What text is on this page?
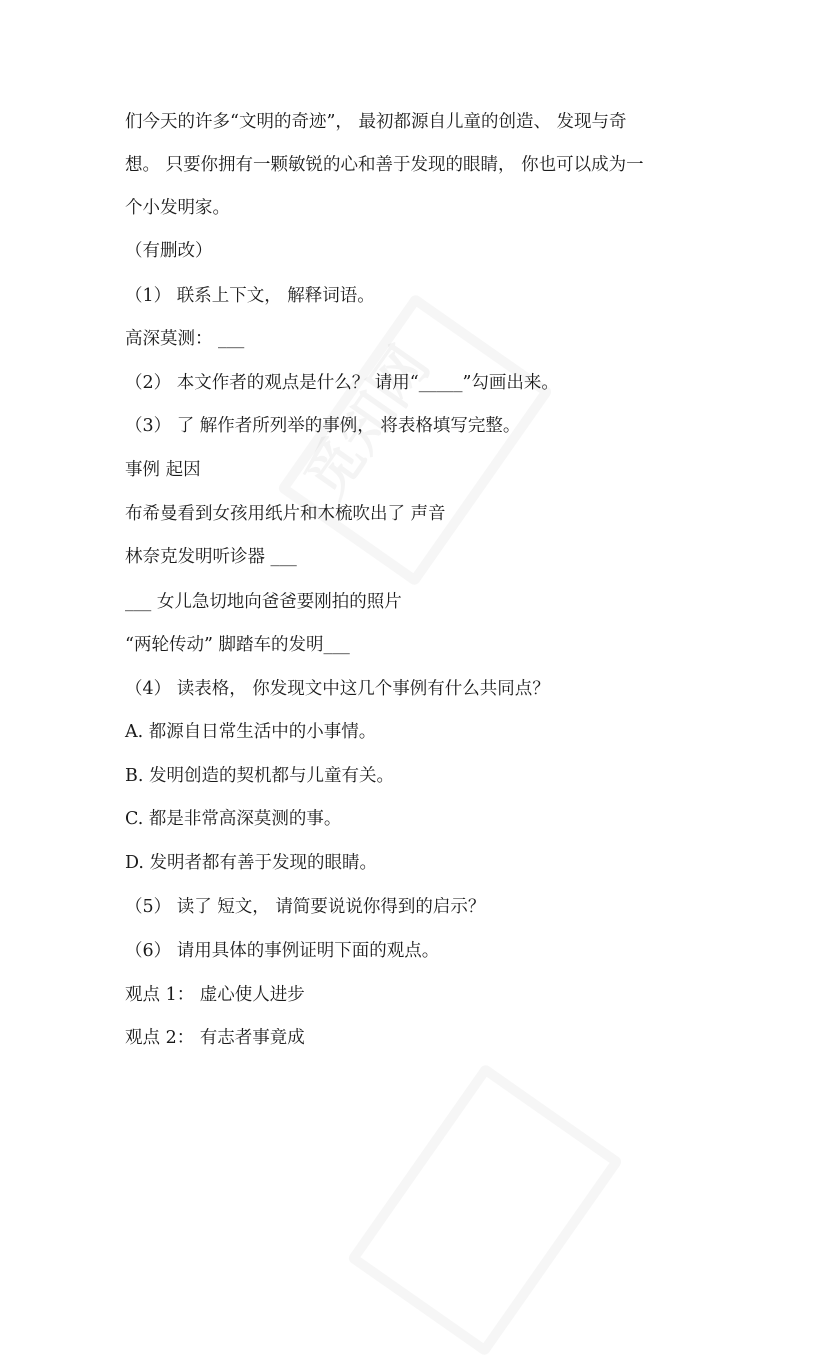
们今天的许多“文明的奇迹”， 最初都源自儿童的创造、 发现与奇
想。 只要你拥有一颗敏锐的心和善于发现的眼睛， 你也可以成为一
个小发明家。
（有删改）
（1） 联系上下文， 解释词语。
高深莫测： ___
（2） 本文作者的观点是什么？ 请用“_____”勾画出来。
（3） 了 解作者所列举的事例， 将表格填写完整。
事例 起因
布希曼看到女孩用纸片和木梳吹出了 声音
林奈克发明听诊器 ___
___ 女儿急切地向爸爸要刚拍的照片
“两轮传动” 脚踏车的发明___
（4） 读表格， 你发现文中这几个事例有什么共同点？
A. 都源自日常生活中的小事情。
B. 发明创造的契机都与儿童有关。
C. 都是非常高深莫测的事。
D. 发明者都有善于发现的眼睛。
（5） 读了 短文， 请简要说说你得到的启示？
（6） 请用具体的事例证明下面的观点。
观点 1： 虚心使人进步
观点 2： 有志者事竟成
